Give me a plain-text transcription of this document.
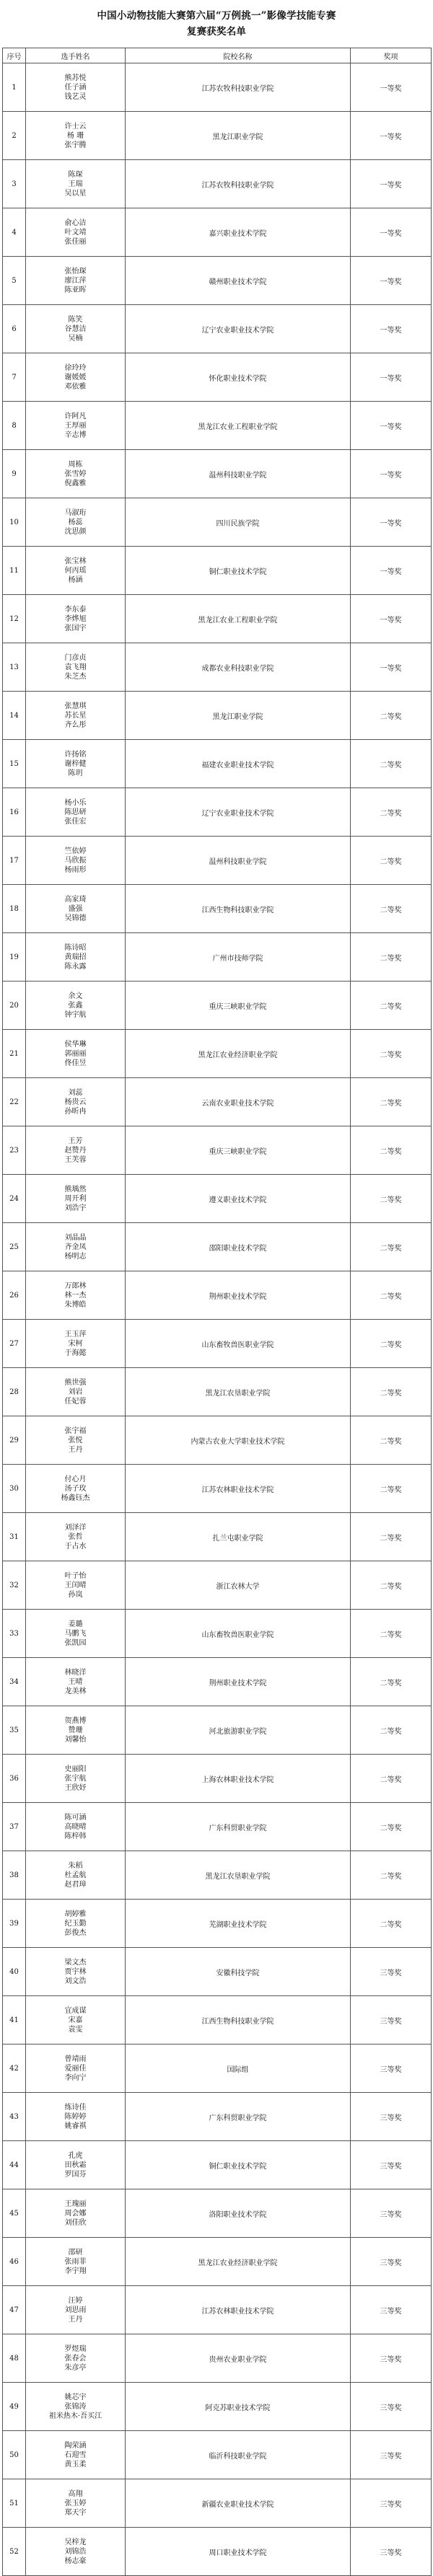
中国小动物技能大赛第六届“万例挑一”影像学技能专赛
复赛获奖名单
序号	选手姓名	院校名称	奖项
1	熊苏悦
任子涵
钱艺灵	江苏农牧科技职业学院	一等奖
2	许士云
杨 珊
张宇腾	黑龙江职业学院	一等奖
3	陈琛
王瑞
吴以星	江苏农牧科技职业学院	一等奖
4	俞心洁
叶文靖
张佳丽	嘉兴职业技术学院	一等奖
5	张怡琛
廖江萍
陈亚晖	赣州职业技术学院	一等奖
6	陈笑
谷慧洁
吴楠	辽宁农业职业技术学院	一等奖
7	徐玲玲
谢媛媛
邓依雅	怀化职业技术学院	一等奖
8	许阿凡
王厚丽
辛志博	黑龙江农业工程职业学院	一等奖
9	周栋
张雪婷
倪鑫雅	温州科技职业学院	一等奖
10	马淑珩
杨蕊
沈思颜	四川民族学院	一等奖
11	张宝林
何丙瑶
杨涵	铜仁职业技术学院	一等奖
12	李东泰
李烨旭
张国宇	黑龙江农业工程职业学院	一等奖
13	门彦贞
袁飞翔
朱芝杰	成都农业科技职业学院	一等奖
14	张慧琪
苏长星
齐么彤	黑龙江职业学院	二等奖
15	许扬铭
谢梓健
陈玥	福建农业职业技术学院	二等奖
16	杨小乐
陈思研
张佳宏	辽宁农业职业技术学院	二等奖
17	竺依婷
马欣振
杨雨形	温州科技职业学院	二等奖
18	高家琦
盛强
吴锦德	江西生物科技职业学院	二等奖
19	陈诗昭
黄瑞招
陈永露	广州市技师学院	二等奖
20	余文
张鑫
钟宇航	重庆三峡职业学院	二等奖
21	侯华琳
郭丽丽
佟佳昱	黑龙江农业经济职业学院	二等奖
22	刘蕊
杨贵云
孙昕冉	云南农业职业技术学院	二等奖
23	王芳
赵赞丹
王芙蓉	重庆三峡职业学院	二等奖
24	熊瑀然
周开利
刘浩宇	遵义职业技术学院	二等奖
25	刘晶晶
齐金凤
杨明志	邵阳职业技术学院	二等奖
26	万郎林
林一杰
朱博皓	荆州职业技术学院	二等奖
27	王玉萍
宋柯
于海懿	山东畜牧兽医职业学院	二等奖
28	熊世强
刘岩
任妃蓉	黑龙江农垦职业学院	二等奖
29	张宇福
张悦
王丹	内蒙古农业大学职业技术学院	二等奖
30	付心月
汤子玫
杨鑫钰杰	江苏农林职业技术学院	二等奖
31	刘泽洋
张哲
于占水	扎兰屯职业学院	二等奖
32	叶子怡
王闰晴
孙岚	浙江农林大学	二等奖
33	姜璐
马鹏飞
张凯园	山东畜牧兽医职业学院	二等奖
34	林晓洋
王晴
龙美林	荆州职业技术学院	二等奖
35	贺燕博
赞珊
刘馨怡	河北旅游职业学院	二等奖
36	史丽阳
张宇航
王欣妤	上海农林职业技术学院	二等奖
37	陈可涵
高晓晴
陈梓韩	广东科贸职业学院	二等奖
38	朱稻
杜孟航
赵君璋	黑龙江农垦职业学院	二等奖
39	胡婷雅
纪玉勤
彭俊杰	芜湖职业技术学院	二等奖
40	梁文杰
贾宇林
刘文浩	安徽科技学院	三等奖
41	宜成谋
宋嘉
袁雯	江西生物科技职业学院	三等奖
42	曾靖雨
爱丽佳
李向宁	国际组	三等奖
43	练诗佳
陈婷婷
姚睿祺	广东科贸职业学院	三等奖
44	孔虎
田秋霜
罗国芬	铜仁职业技术学院	三等奖
45	王瑰丽
周会娜
刘佳欣	洛阳职业技术学院	三等奖
46	邵研
张雨菲
李宇翔	黑龙江农业经济职业学院	三等奖
47	汪婷
刘思雨
王丹	江苏农林职业技术学院	三等奖
48	罗煜瑞
张春会
朱彦亭	贵州农业职业学院	三等奖
49	姚芯宇
张锦涛
祖米热木·吾买江	阿克苏职业技术学院	三等奖
50	陶荣涵
石迎雪
黄玉柔	临沂科技职业学院	三等奖
51	高翔
张玉婷
郑天宇	新疆农业职业技术学院	三等奖
52	吴梓龙
刘锦浩
杨志豪	周口职业技术学院	三等奖
